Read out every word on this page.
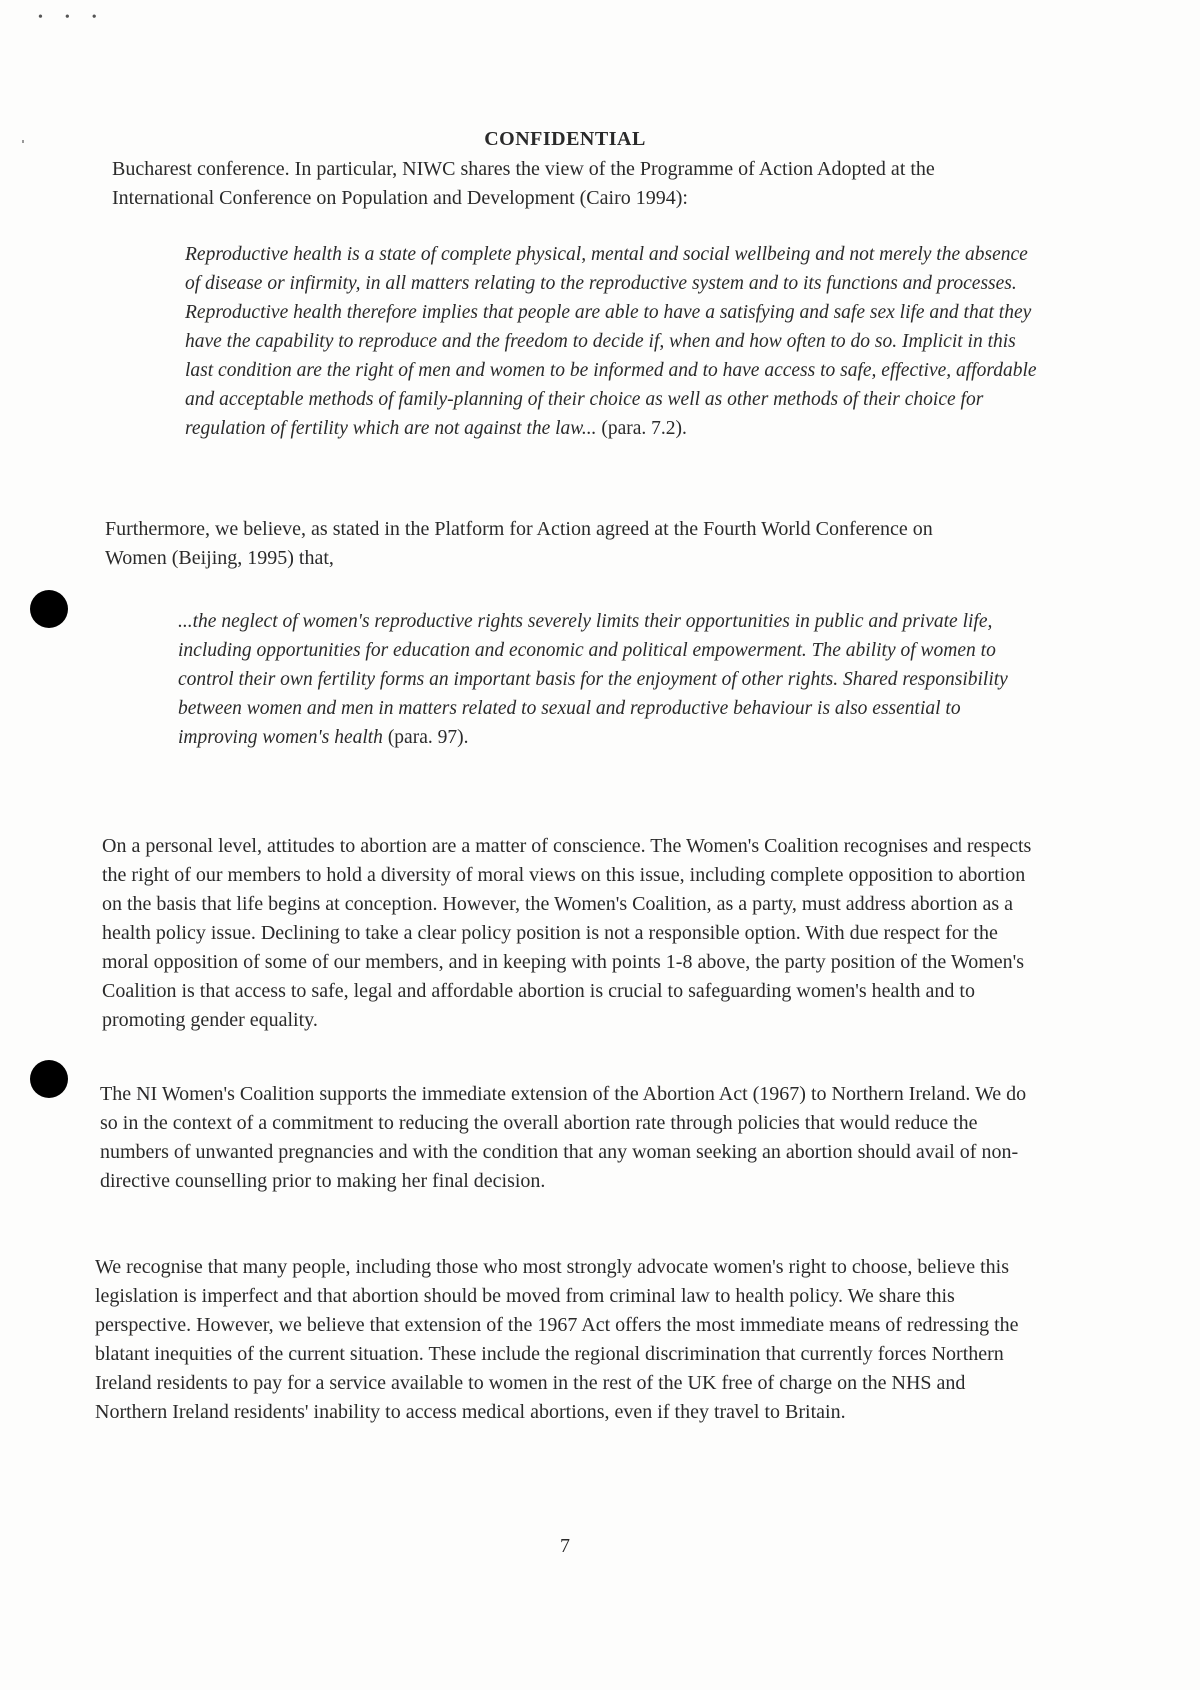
•••
CONFIDENTIAL

Bucharest conference. In particular, NIWC shares the view of the Programme of Action Adopted at the International Conference on Population and Development (Cairo 1994):

Reproductive health is a state of complete physical, mental and social wellbeing and not merely the absence of disease or infirmity, in all matters relating to the reproductive system and to its functions and processes. Reproductive health therefore implies that people are able to have a satisfying and safe sex life and that they have the capability to reproduce and the freedom to decide if, when and how often to do so. Implicit in this last condition are the right of men and women to be informed and to have access to safe, effective, affordable and acceptable methods of family-planning of their choice as well as other methods of their choice for regulation of fertility which are not against the law... (para. 7.2).

Furthermore, we believe, as stated in the Platform for Action agreed at the Fourth World Conference on Women (Beijing, 1995) that,

...the neglect of women's reproductive rights severely limits their opportunities in public and private life, including opportunities for education and economic and political empowerment. The ability of women to control their own fertility forms an important basis for the enjoyment of other rights. Shared responsibility between women and men in matters related to sexual and reproductive behaviour is also essential to improving women's health (para. 97).

On a personal level, attitudes to abortion are a matter of conscience. The Women's Coalition recognises and respects the right of our members to hold a diversity of moral views on this issue, including complete opposition to abortion on the basis that life begins at conception. However, the Women's Coalition, as a party, must address abortion as a health policy issue. Declining to take a clear policy position is not a responsible option. With due respect for the moral opposition of some of our members, and in keeping with points 1-8 above, the party position of the Women's Coalition is that access to safe, legal and affordable abortion is crucial to safeguarding women's health and to promoting gender equality.

The NI Women's Coalition supports the immediate extension of the Abortion Act (1967) to Northern Ireland. We do so in the context of a commitment to reducing the overall abortion rate through policies that would reduce the numbers of unwanted pregnancies and with the condition that any woman seeking an abortion should avail of non-directive counselling prior to making her final decision.

We recognise that many people, including those who most strongly advocate women's right to choose, believe this legislation is imperfect and that abortion should be moved from criminal law to health policy. We share this perspective. However, we believe that extension of the 1967 Act offers the most immediate means of redressing the blatant inequities of the current situation. These include the regional discrimination that currently forces Northern Ireland residents to pay for a service available to women in the rest of the UK free of charge on the NHS and Northern Ireland residents' inability to access medical abortions, even if they travel to Britain.

7
